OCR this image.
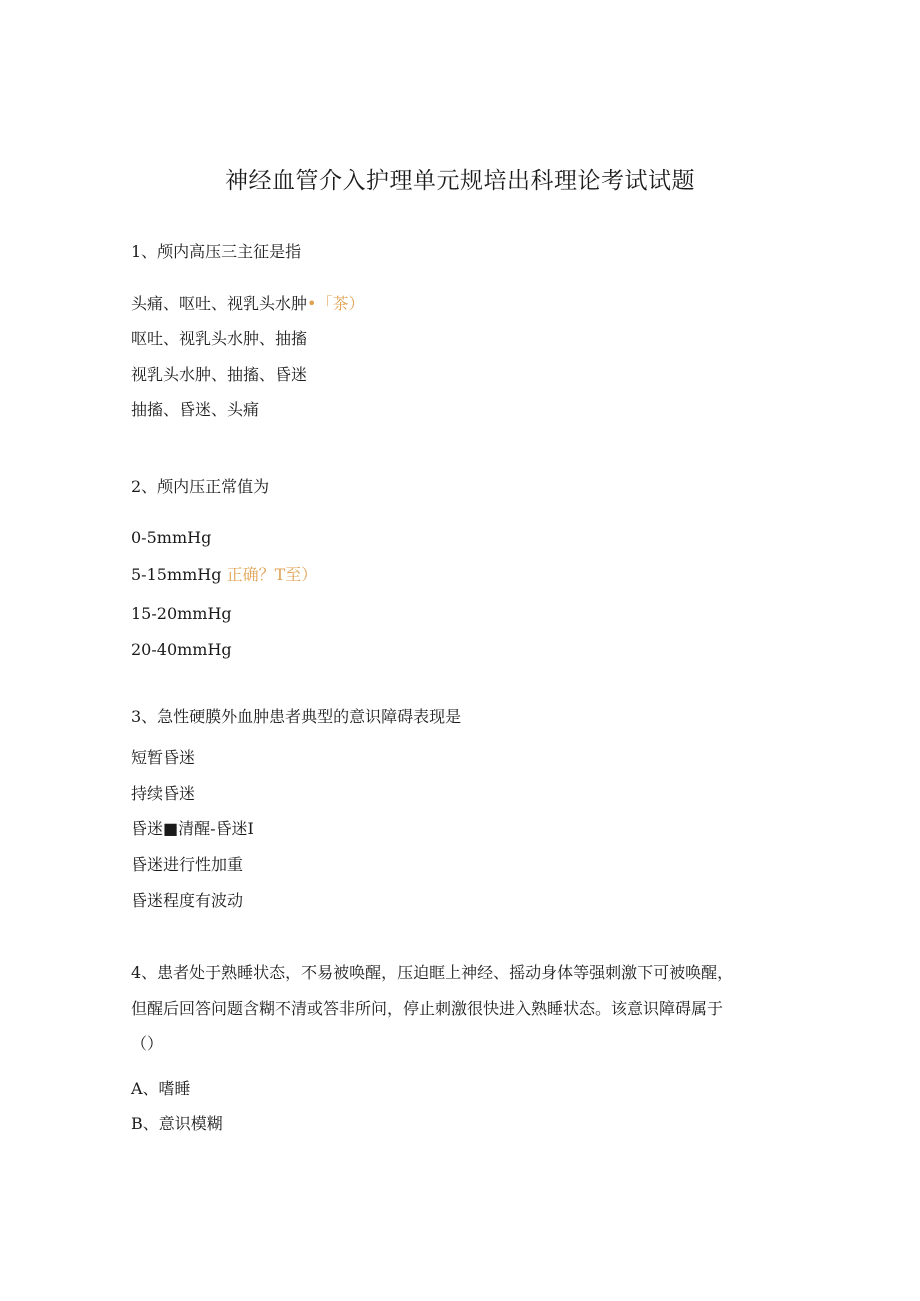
神经血管介入护理单元规培出科理论考试试题
1、颅内高压三主征是指
头痛、呕吐、视乳头水肿•「茶）
呕吐、视乳头水肿、抽搐
视乳头水肿、抽搐、昏迷
抽搐、昏迷、头痛
2、颅内压正常值为
0-5mmHg
5-15mmHg 正确？T至）
15-20mmHg
20-40mmHg
3、急性硬膜外血肿患者典型的意识障碍表现是
短暂昏迷
持续昏迷
昏迷■清醒-昏迷I
昏迷进行性加重
昏迷程度有波动
4、患者处于熟睡状态，不易被唤醒，压迫眶上神经、摇动身体等强刺激下可被唤醒，
但醒后回答问题含糊不清或答非所问，停止刺激很快进入熟睡状态。该意识障碍属于
（）
A、嗜睡
B、意识模糊
